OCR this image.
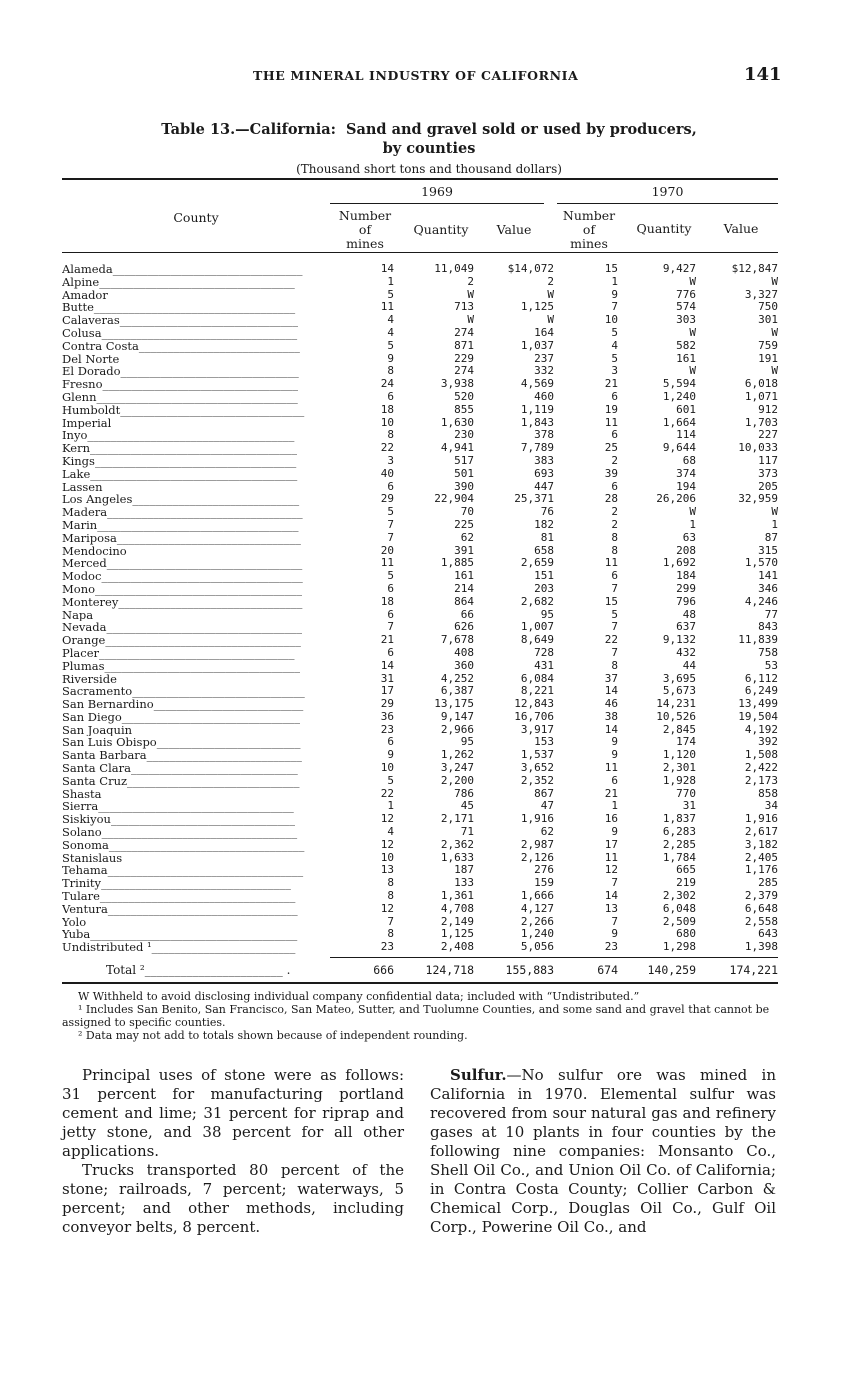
THE MINERAL INDUSTRY OF CALIFORNIA	141
Table 13.—California: Sand and gravel sold or used by producers,
by counties
(Thousand short tons and thousand dollars)
County
1969	1970
Number
of
mines
Quantity	Value
Number
of
mines
Quantity	Value
Alameda_________________________________	14	11,049	$14,072	15	9,427	$12,847
Alpine__________________________________	1	2	2	1	W	W
Amador__________________________________	5	W	W	9	776	3,327
Butte___________________________________	11	713	1,125	7	574	750
Calaveras_______________________________	4	W	W	10	303	301
Colusa__________________________________	4	274	164	5	W	W
Contra Costa____________________________	5	871	1,037	4	582	759
Del Norte_______________________________	9	229	237	5	161	191
El Dorado_______________________________	8	274	332	3	W	W
Fresno__________________________________	24	3,938	4,569	21	5,594	6,018
Glenn___________________________________	6	520	460	6	1,240	1,071
Humboldt________________________________	18	855	1,119	19	601	912
Imperial________________________________	10	1,630	1,843	11	1,664	1,703
Inyo____________________________________	8	230	378	6	114	227
Kern____________________________________	22	4,941	7,789	25	9,644	10,033
Kings___________________________________	3	517	383	2	68	117
Lake____________________________________	40	501	693	39	374	373
Lassen__________________________________	6	390	447	6	194	205
Los Angeles_____________________________	29	22,904	25,371	28	26,206	32,959
Madera__________________________________	5	70	76	2	W	W
Marin___________________________________	7	225	182	2	1	1
Mariposa________________________________	7	62	81	8	63	87
Mendocino_______________________________	20	391	658	8	208	315
Merced__________________________________	11	1,885	2,659	11	1,692	1,570
Modoc___________________________________	5	161	151	6	184	141
Mono____________________________________	6	214	203	7	299	346
Monterey________________________________	18	864	2,682	15	796	4,246
Napa____________________________________	6	66	95	5	48	77
Nevada__________________________________	7	626	1,007	7	637	843
Orange__________________________________	21	7,678	8,649	22	9,132	11,839
Placer__________________________________	6	408	728	7	432	758
Plumas__________________________________	14	360	431	8	44	53
Riverside_______________________________	31	4,252	6,084	37	3,695	6,112
Sacramento______________________________	17	6,387	8,221	14	5,673	6,249
San Bernardino__________________________	29	13,175	12,843	46	14,231	13,499
San Diego_______________________________	36	9,147	16,706	38	10,526	19,504
San Joaquin_____________________________	23	2,966	3,917	14	2,845	4,192
San Luis Obispo_________________________	6	95	153	9	174	392
Santa Barbara___________________________	9	1,262	1,537	9	1,120	1,508
Santa Clara_____________________________	10	3,247	3,652	11	2,301	2,422
Santa Cruz______________________________	5	2,200	2,352	6	1,928	2,173
Shasta__________________________________	22	786	867	21	770	858
Sierra__________________________________	1	45	47	1	31	34
Siskiyou________________________________	12	2,171	1,916	16	1,837	1,916
Solano__________________________________	4	71	62	9	6,283	2,617
Sonoma__________________________________	12	2,362	2,987	17	2,285	3,182
Stanislaus______________________________	10	1,633	2,126	11	1,784	2,405
Tehama__________________________________	13	187	276	12	665	1,176
Trinity_________________________________	8	133	159	7	219	285
Tulare__________________________________	8	1,361	1,666	14	2,302	2,379
Ventura_________________________________	12	4,708	4,127	13	6,048	6,648
Yolo____________________________________	7	2,149	2,266	7	2,509	2,558
Yuba____________________________________	8	1,125	1,240	9	680	643
Undistributed ¹_________________________	23	2,408	5,056	23	1,298	1,398
Total ²_______________________ .	666	124,718	155,883	674	140,259	174,221

W Withheld to avoid disclosing individual company confidential data; included with “Undistributed.”

¹ Includes San Benito, San Francisco, San Mateo, Sutter, and Tuolumne Counties, and some sand and gravel that cannot be assigned to specific counties.

² Data may not add to totals shown because of independent rounding.

Principal uses of stone were as follows: 31 percent for manufacturing portland cement and lime; 31 percent for riprap and jetty stone, and 38 percent for all other applications.

Trucks transported 80 percent of the stone; railroads, 7 percent; waterways, 5 percent; and other methods, including conveyor belts, 8 percent.

Sulfur.—No sulfur ore was mined in California in 1970. Elemental sulfur was recovered from sour natural gas and refinery gases at 10 plants in four counties by the following nine companies: Monsanto Co., Shell Oil Co., and Union Oil Co. of California; in Contra Costa County; Collier Carbon & Chemical Corp., Douglas Oil Co., Gulf Oil Corp., Powerine Oil Co., and
